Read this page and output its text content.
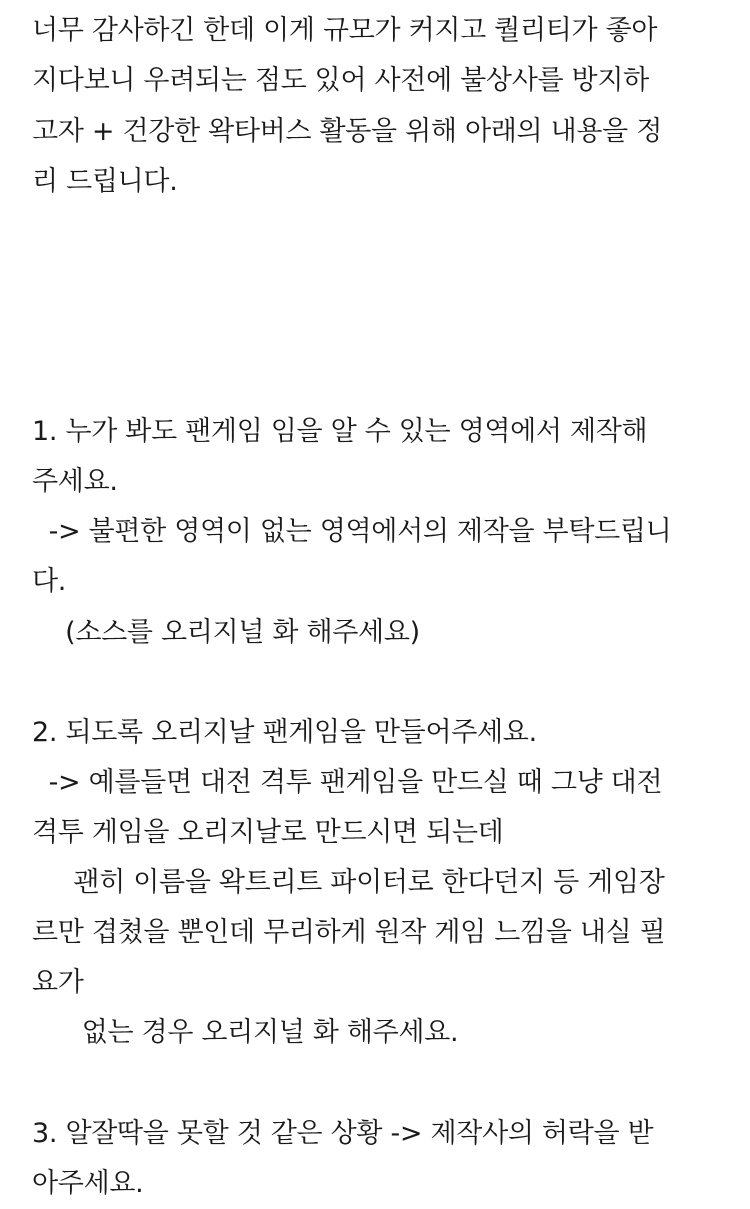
너무 감사하긴 한데 이게 규모가 커지고 퀄리티가 좋아
지다보니 우려되는 점도 있어 사전에 불상사를 방지하
고자 + 건강한 왁타버스 활동을 위해 아래의 내용을 정
리 드립니다.
1. 누가 봐도 팬게임 임을 알 수 있는 영역에서 제작해
주세요.
-> 불편한 영역이 없는 영역에서의 제작을 부탁드립니
다.
(소스를 오리지널 화 해주세요)
2. 되도록 오리지날 팬게임을 만들어주세요.
-> 예를들면 대전 격투 팬게임을 만드실 때 그냥 대전
격투 게임을 오리지날로 만드시면 되는데
괜히 이름을 왁트리트 파이터로 한다던지 등 게임장
르만 겹쳤을 뿐인데 무리하게 원작 게임 느낌을 내실 필
요가
없는 경우 오리지널 화 해주세요.
3. 알잘딱을 못할 것 같은 상황 -> 제작사의 허락을 받
아주세요.
